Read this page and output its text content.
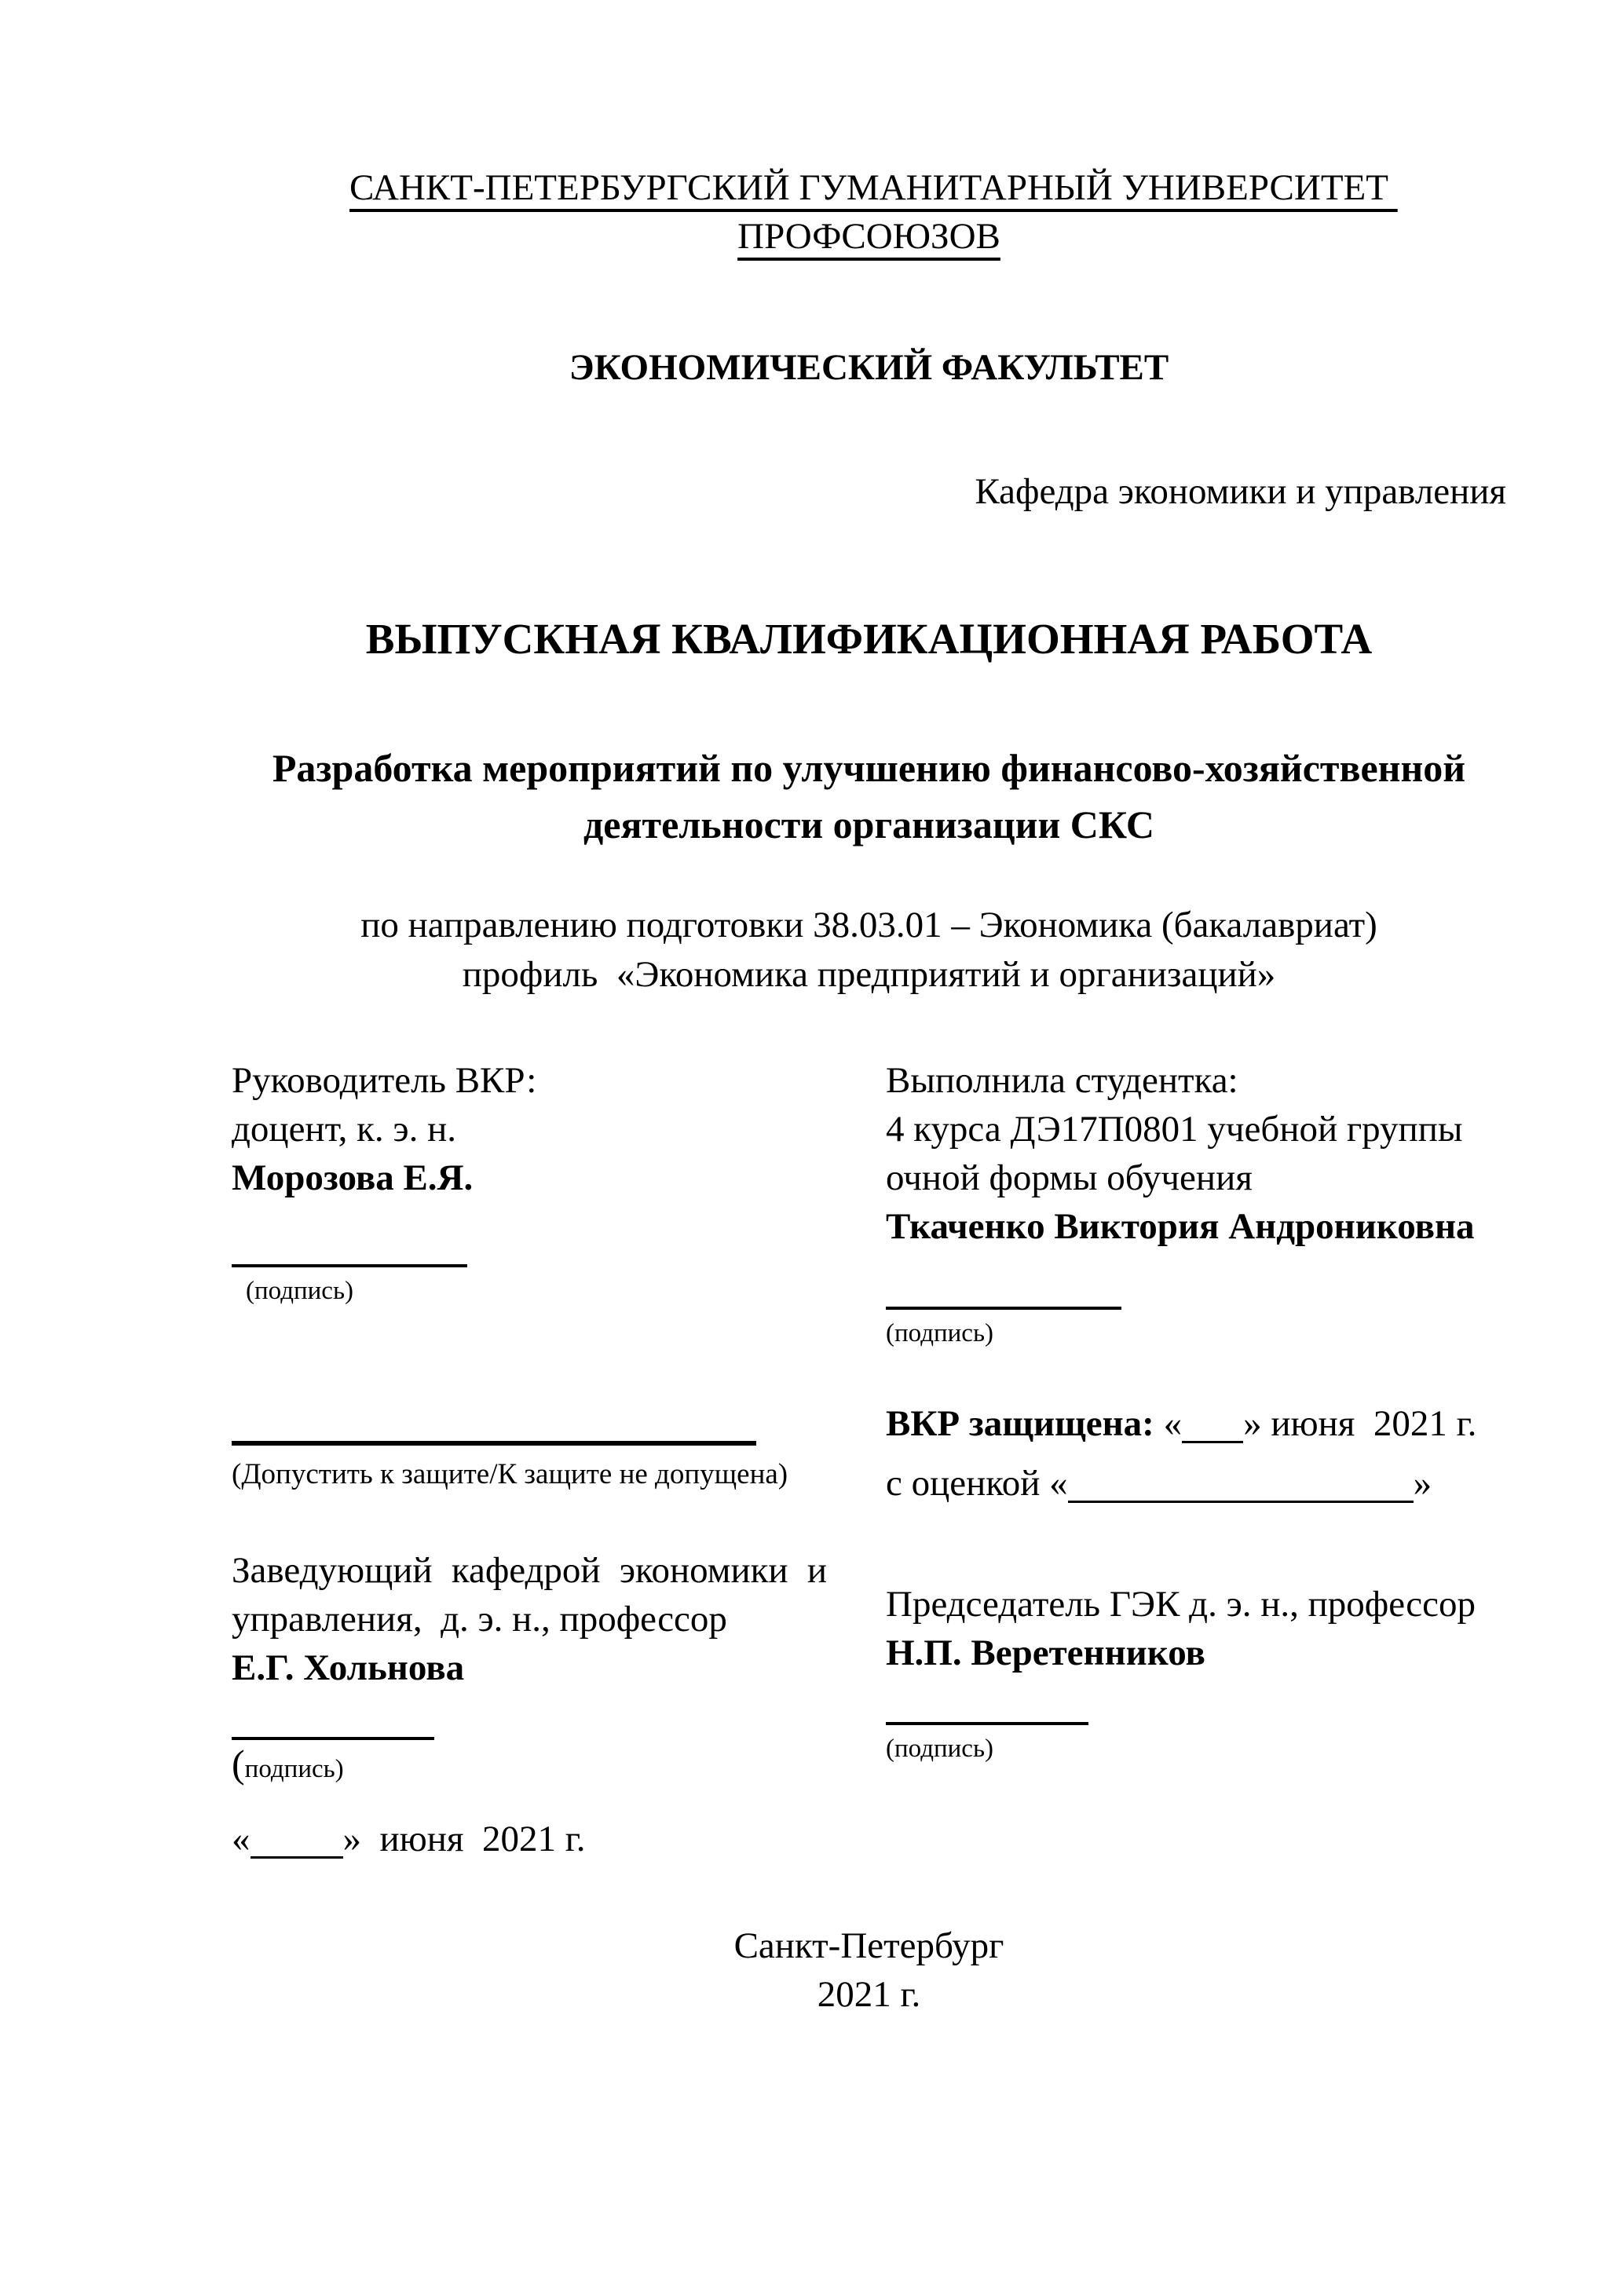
САНКТ-ПЕТЕРБУРГСКИЙ ГУМАНИТАРНЫЙ УНИВЕРСИТЕТ ПРОФСОЮЗОВ
ЭКОНОМИЧЕСКИЙ ФАКУЛЬТЕТ
Кафедра экономики и управления
ВЫПУСКНАЯ КВАЛИФИКАЦИОННАЯ РАБОТА
Разработка мероприятий по улучшению финансово-хозяйственной
деятельности организации СКС
по направлению подготовки 38.03.01 – Экономика (бакалавриат)
профиль  «Экономика предприятий и организаций»
Руководитель ВКР:
доцент, к. э. н.
Морозова Е.Я.
(подпись)
(Допустить к защите/К защите не допущена)
Заведующий кафедрой экономики и
управления,  д. э. н., профессор
Е.Г. Хольнова
(подпись)
«	»  июня  2021 г.
Выполнила студентка:
4 курса ДЭ17П0801 учебной группы
очной формы обучения
Ткаченко Виктория Андрониковна
(подпись)
ВКР защищена: « » июня  2021 г.
с оценкой «	»
Председатель ГЭК д. э. н., профессор
Н.П. Веретенников
(подпись)
Санкт-Петербург
2021 г.
